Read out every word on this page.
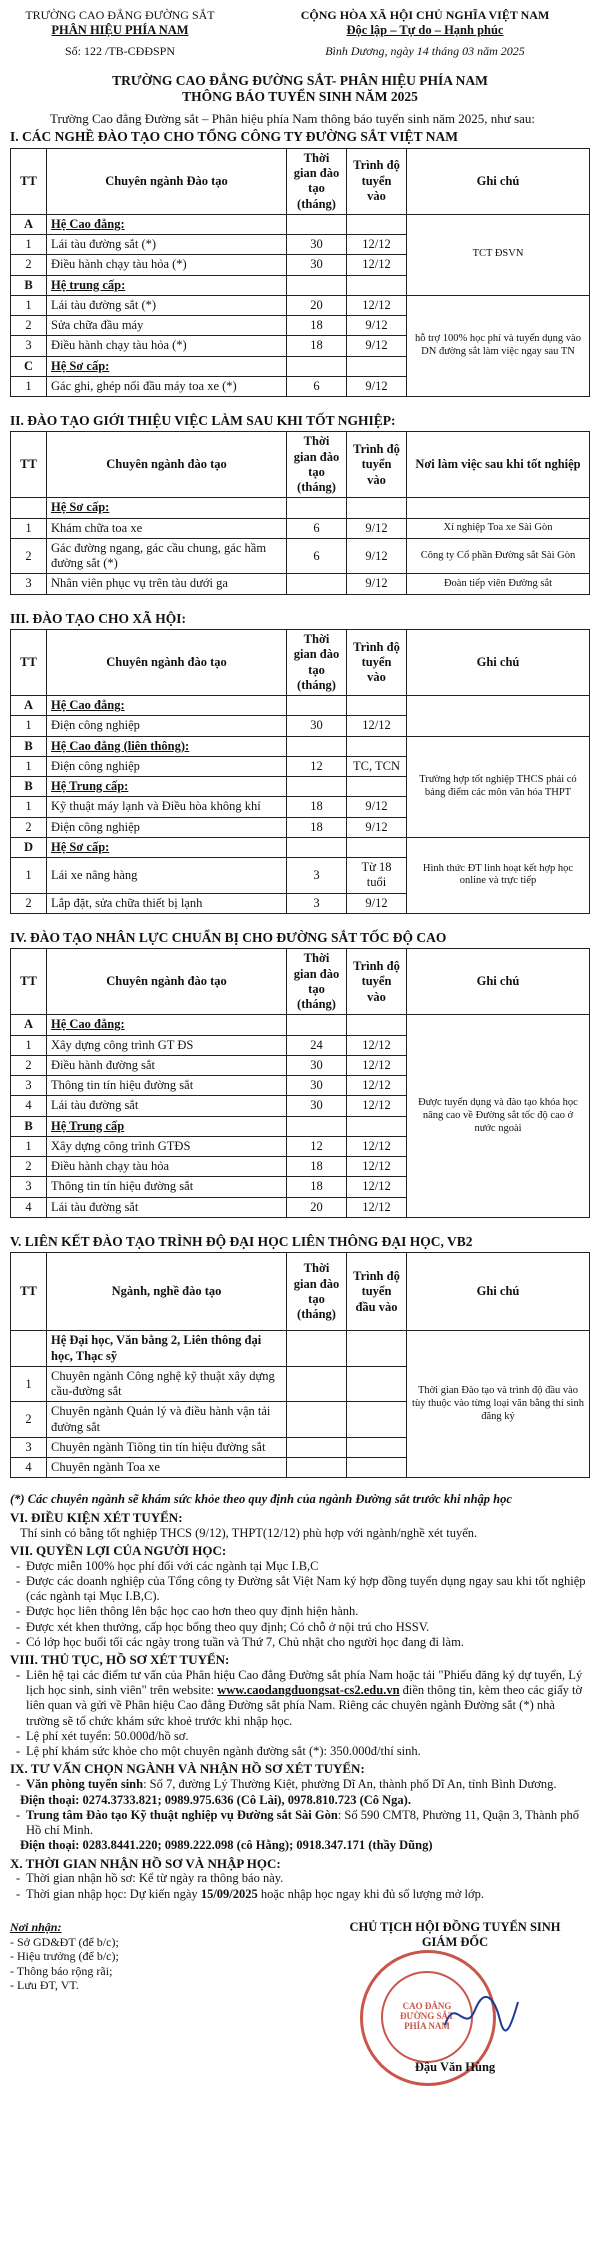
TRƯỜNG CAO ĐẲNG ĐƯỜNG SẮT
PHÂN HIỆU PHÍA NAM
Số: 122 /TB-CĐĐSPN
CỘNG HÒA XÃ HỘI CHỦ NGHĨA VIỆT NAM
Độc lập – Tự do – Hạnh phúc
Bình Dương, ngày 14 tháng 03 năm 2025
TRƯỜNG CAO ĐẲNG ĐƯỜNG SẮT- PHÂN HIỆU PHÍA NAM
THÔNG BÁO TUYỂN SINH NĂM 2025

Trường Cao đẳng Đường sắt – Phân hiệu phía Nam thông báo tuyển sinh năm 2025, như sau:

I. CÁC NGHỀ ĐÀO TẠO CHO TỔNG CÔNG TY ĐƯỜNG SẮT VIỆT NAM
TT	Chuyên ngành Đào tạo	Thời gian đào tạo (tháng)	Trình độ tuyển vào	Ghi chú
A	Hệ Cao đẳng:			TCT ĐSVN
1	Lái tàu đường sắt (*)	30	12/12	
2	Điều hành chạy tàu hỏa (*)	30	12/12	
B	Hệ trung cấp:			
1	Lái tàu đường sắt (*)	20	12/12	hỗ trợ 100% học phí và tuyển dụng vào DN đường sắt làm việc ngay sau TN
2	Sửa chữa đầu máy	18	9/12	
3	Điều hành chạy tàu hỏa (*)	18	9/12	
C	Hệ Sơ cấp:			
1	Gác ghi, ghép nối đầu máy toa xe (*)	6	9/12	
II. ĐÀO TẠO GIỚI THIỆU VIỆC LÀM SAU KHI TỐT NGHIỆP:
TT	Chuyên ngành đào tạo	Thời gian đào tạo (tháng)	Trình độ tuyển vào	Nơi làm việc sau khi tốt nghiệp
	Hệ Sơ cấp:			
1	Khám chữa toa xe	6	9/12	Xí nghiệp Toa xe Sài Gòn
2	Gác đường ngang, gác cầu chung, gác hầm đường sắt (*)	6	9/12	Công ty Cổ phần Đường sắt Sài Gòn
3	Nhân viên phục vụ trên tàu dưới ga		9/12	Đoàn tiếp viên Đường sắt
III. ĐÀO TẠO CHO XÃ HỘI:
TT	Chuyên ngành đào tạo	Thời gian đào tạo (tháng)	Trình độ tuyển vào	Ghi chú
A	Hệ Cao đẳng:			
1	Điện công nghiệp	30	12/12	
B	Hệ Cao đẳng (liên thông):			Trường hợp tốt nghiệp THCS phải có bảng điểm các môn văn hóa THPT
1	Điện công nghiệp	12	TC, TCN	
B	Hệ Trung cấp:			
1	Kỹ thuật máy lạnh và Điều hòa không khí	18	9/12	
2	Điện công nghiệp	18	9/12	
D	Hệ Sơ cấp:			Hình thức ĐT linh hoạt kết hợp học online và trực tiếp
1	Lái xe nâng hàng	3	Từ 18 tuổi	
2	Lắp đặt, sửa chữa thiết bị lạnh	3	9/12	
IV. ĐÀO TẠO NHÂN LỰC CHUẨN BỊ CHO ĐƯỜNG SẮT TỐC ĐỘ CAO
TT	Chuyên ngành đào tạo	Thời gian đào tạo (tháng)	Trình độ tuyển vào	Ghi chú
A	Hệ Cao đẳng:			Được tuyển dụng và đào tạo khóa học nâng cao về Đường sắt tốc độ cao ở nước ngoài
1	Xây dựng công trình GT ĐS	24	12/12	
2	Điều hành đường sắt	30	12/12	
3	Thông tin tín hiệu đường sắt	30	12/12	
4	Lái tàu đường sắt	30	12/12	
B	Hệ Trung cấp			
1	Xây dựng công trình GTĐS	12	12/12	
2	Điều hành chạy tàu hỏa	18	12/12	
3	Thông tin tín hiệu đường sắt	18	12/12	
4	Lái tàu đường sắt	20	12/12	
V. LIÊN KẾT ĐÀO TẠO TRÌNH ĐỘ ĐẠI HỌC LIÊN THÔNG ĐẠI HỌC, VB2
TT	Ngành, nghề đào tạo	Thời gian đào tạo (tháng)	Trình độ tuyển đầu vào	Ghi chú
	Hệ Đại học, Văn bằng 2, Liên thông đại học, Thạc sỹ			Thời gian Đào tạo và trình độ đầu vào tùy thuộc vào từng loại văn bằng thí sinh đăng ký
1	Chuyên ngành Công nghệ kỹ thuật xây dựng cầu-đường sắt			
2	Chuyên ngành Quản lý và điều hành vận tải đường sắt			
3	Chuyên ngành Tiông tin tín hiệu đường sắt			
4	Chuyên ngành Toa xe			
(*) Các chuyên ngành sẽ khám sức khỏe theo quy định của ngành Đường sắt trước khi nhập học
VI. ĐIỀU KIỆN XÉT TUYỂN:

Thí sinh có bằng tốt nghiệp THCS (9/12), THPT(12/12) phù hợp với ngành/nghề xét tuyển.

VII. QUYỀN LỢI CỦA NGƯỜI HỌC:
- Được miễn 100% học phí đối với các ngành tại Mục I.B,C
- Được các doanh nghiệp của Tổng công ty Đường sắt Việt Nam ký hợp đồng tuyển dụng ngay sau khi tốt nghiệp (các ngành tại Mục I.B,C).
- Được học liên thông lên bậc học cao hơn theo quy định hiện hành.
- Được xét khen thưởng, cấp học bổng theo quy định; Có chỗ ở nội trú cho HSSV.
- Có lớp học buổi tối các ngày trong tuần và Thứ 7, Chủ nhật cho người học đang đi làm.
VIII. THỦ TỤC, HỒ SƠ XÉT TUYỂN:
- Liên hệ tại các điểm tư vấn của Phân hiệu Cao đẳng Đường sắt phía Nam hoặc tải "Phiếu đăng ký dự tuyển, Lý lịch học sinh, sinh viên" trên website: www.caodangduongsat-cs2.edu.vn điền thông tin, kèm theo các giấy tờ liên quan và gửi về Phân hiệu Cao đẳng Đường sắt phía Nam. Riêng các chuyên ngành Đường sắt (*) nhà trường sẽ tổ chức khám sức khoẻ trước khi nhập học.
- Lệ phí xét tuyển: 50.000đ/hồ sơ.
- Lệ phí khám sức khỏe cho một chuyên ngành đường sắt (*): 350.000đ/thí sinh.
IX. TƯ VẤN CHỌN NGÀNH VÀ NHẬN HỒ SƠ XÉT TUYỂN:
- Văn phòng tuyển sinh: Số 7, đường Lý Thường Kiệt, phường Dĩ An, thành phố Dĩ An, tỉnh Bình Dương.

Điện thoại: 0274.3733.821; 0989.975.636 (Cô Lài), 0978.810.723 (Cô Nga).

- Trung tâm Đào tạo Kỹ thuật nghiệp vụ Đường sắt Sài Gòn: Số 590 CMT8, Phường 11, Quận 3, Thành phố Hồ chí Minh.

Điện thoại: 0283.8441.220; 0989.222.098 (cô Hằng); 0918.347.171 (thầy Dũng)

X. THỜI GIAN NHẬN HỒ SƠ VÀ NHẬP HỌC:
- Thời gian nhận hồ sơ: Kể từ ngày ra thông báo này.
- Thời gian nhập học: Dự kiến ngày 15/09/2025 hoặc nhập học ngay khi đủ số lượng mở lớp.
Nơi nhận:
- Sở GD&ĐT (để b/c);
- Hiệu trưởng (để b/c);
- Thông báo rộng rãi;
- Lưu ĐT, VT.
CHỦ TỊCH HỘI ĐỒNG TUYỂN SINH
GIÁM ĐỐC
CAO ĐẲNG
ĐƯỜNG SẮT
PHÍA NAM
Đậu Văn Hùng
